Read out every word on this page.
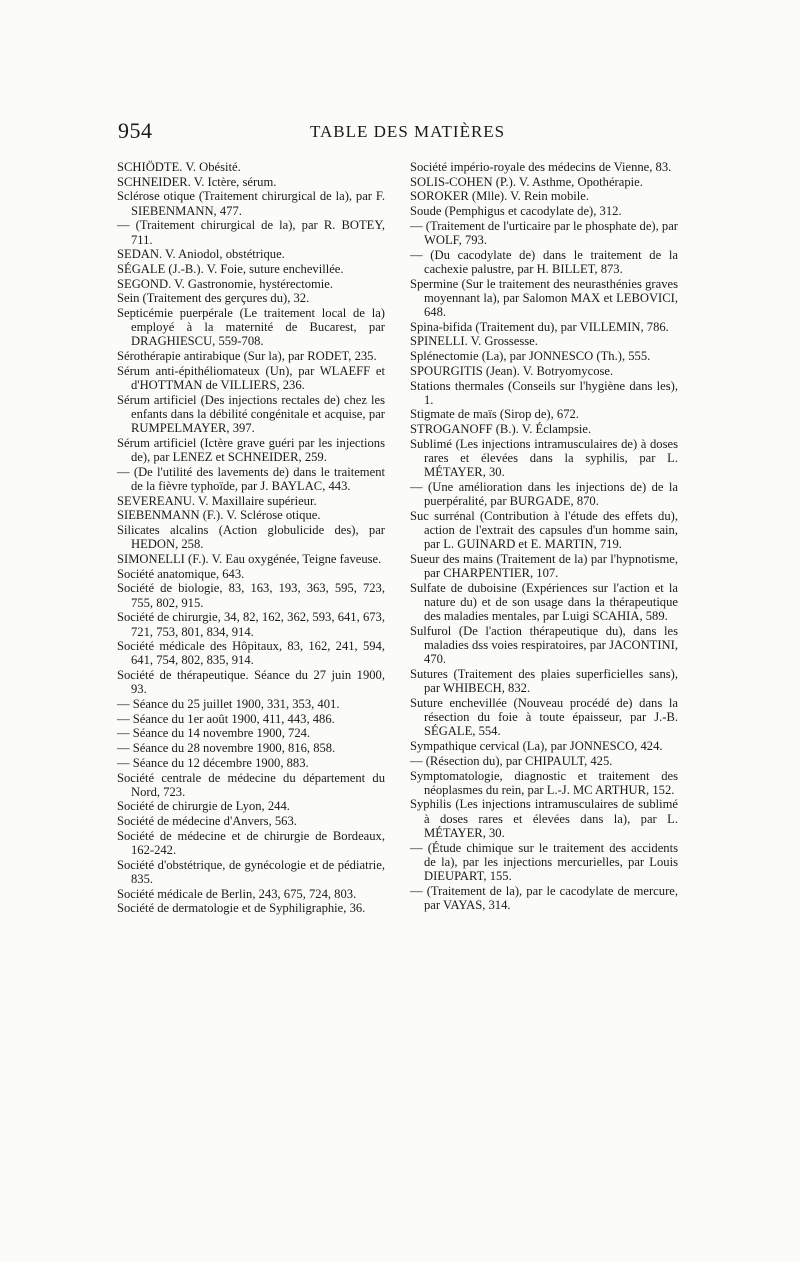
954	TABLE DES MATIÈRES

SCHIÖDTE. V. Obésité.

SCHNEIDER. V. Ictère, sérum.

Sclérose otique (Traitement chirurgical de la), par F. SIEBENMANN, 477.

— (Traitement chirurgical de la), par R. BOTEY, 711.

SEDAN. V. Aniodol, obstétrique.

SÉGALE (J.-B.). V. Foie, suture enchevillée.

SEGOND. V. Gastronomie, hystérectomie.

Sein (Traitement des gerçures du), 32.

Septicémie puerpérale (Le traitement local de la) employé à la maternité de Bucarest, par DRAGHIESCU, 559-708.

Sérothérapie antirabique (Sur la), par RODET, 235.

Sérum anti-épithéliomateux (Un), par WLAEFF et d'HOTTMAN de VILLIERS, 236.

Sérum artificiel (Des injections rectales de) chez les enfants dans la débilité congénitale et acquise, par RUMPELMAYER, 397.

Sérum artificiel (Ictère grave guéri par les injections de), par LENEZ et SCHNEIDER, 259.

— (De l'utilité des lavements de) dans le traitement de la fièvre typhoïde, par J. BAYLAC, 443.

SEVEREANU. V. Maxillaire supérieur.

SIEBENMANN (F.). V. Sclérose otique.

Silicates alcalins (Action globulicide des), par HEDON, 258.

SIMONELLI (F.). V. Eau oxygénée, Teigne faveuse.

Société anatomique, 643.

Société de biologie, 83, 163, 193, 363, 595, 723, 755, 802, 915.

Société de chirurgie, 34, 82, 162, 362, 593, 641, 673, 721, 753, 801, 834, 914.

Société médicale des Hôpitaux, 83, 162, 241, 594, 641, 754, 802, 835, 914.

Société de thérapeutique. Séance du 27 juin 1900, 93.

— Séance du 25 juillet 1900, 331, 353, 401.

— Séance du 1er août 1900, 411, 443, 486.

— Séance du 14 novembre 1900, 724.

— Séance du 28 novembre 1900, 816, 858.

— Séance du 12 décembre 1900, 883.

Société centrale de médecine du département du Nord, 723.

Société de chirurgie de Lyon, 244.

Société de médecine d'Anvers, 563.

Société de médecine et de chirurgie de Bordeaux, 162-242.

Société d'obstétrique, de gynécologie et de pédiatrie, 835.

Société médicale de Berlin, 243, 675, 724, 803.

Société de dermatologie et de Syphiligraphie, 36.

Société império-royale des médecins de Vienne, 83.

SOLIS-COHEN (P.). V. Asthme, Opothérapie.

SOROKER (Mlle). V. Rein mobile.

Soude (Pemphigus et cacodylate de), 312.

— (Traitement de l'urticaire par le phosphate de), par WOLF, 793.

— (Du cacodylate de) dans le traitement de la cachexie palustre, par H. BILLET, 873.

Spermine (Sur le traitement des neurasthénies graves moyennant la), par Salomon MAX et LEBOVICI, 648.

Spina-bifida (Traitement du), par VILLEMIN, 786.

SPINELLI. V. Grossesse.

Splénectomie (La), par JONNESCO (Th.), 555.

SPOURGITIS (Jean). V. Botryomycose.

Stations thermales (Conseils sur l'hygiène dans les), 1.

Stigmate de maïs (Sirop de), 672.

STROGANOFF (B.). V. Éclampsie.

Sublimé (Les injections intramusculaires de) à doses rares et élevées dans la syphilis, par L. MÉTAYER, 30.

— (Une amélioration dans les injections de) de la puerpéralité, par BURGADE, 870.

Suc surrénal (Contribution à l'étude des effets du), action de l'extrait des capsules d'un homme sain, par L. GUINARD et E. MARTIN, 719.

Sueur des mains (Traitement de la) par l'hypnotisme, par CHARPENTIER, 107.

Sulfate de duboisine (Expériences sur l'action et la nature du) et de son usage dans la thérapeutique des maladies mentales, par Luigi SCAHIA, 589.

Sulfurol (De l'action thérapeutique du), dans les maladies dss voies respiratoires, par JACONTINI, 470.

Sutures (Traitement des plaies superficielles sans), par WHIBECH, 832.

Suture enchevillée (Nouveau procédé de) dans la résection du foie à toute épaisseur, par J.-B. SÉGALE, 554.

Sympathique cervical (La), par JONNESCO, 424.

— (Résection du), par CHIPAULT, 425.

Symptomatologie, diagnostic et traitement des néoplasmes du rein, par L.-J. MC ARTHUR, 152.

Syphilis (Les injections intramusculaires de sublimé à doses rares et élevées dans la), par L. MÉTAYER, 30.

— (Étude chimique sur le traitement des accidents de la), par les injections mercurielles, par Louis DIEUPART, 155.

— (Traitement de la), par le cacodylate de mercure, par VAYAS, 314.
